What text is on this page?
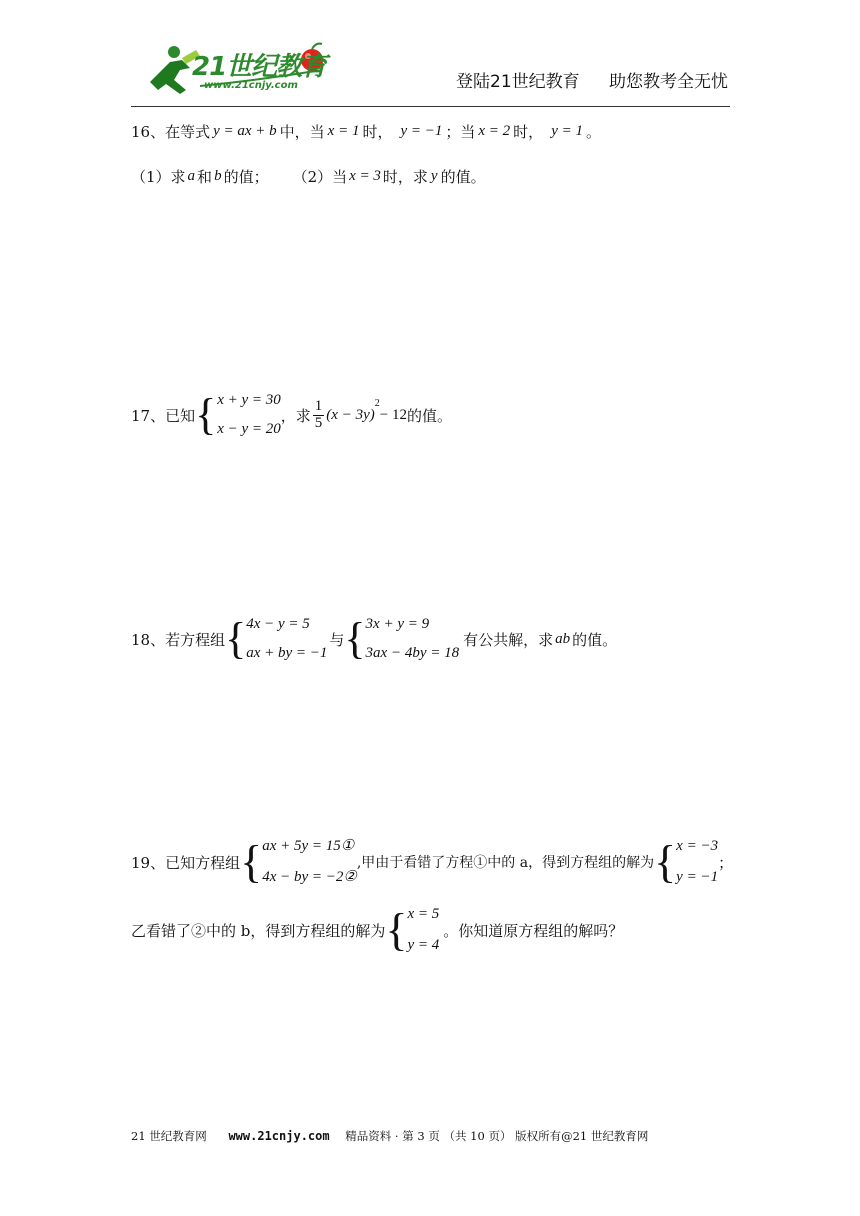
21世纪教育
www.21cnjy.com	登陆21世纪教育 助您教考全无忧
16、在等式 y = ax + b 中，当 x = 1 时， y = −1 ；当 x = 2 时， y = 1 。
（1）求 a 和 b 的值； （2）当 x = 3 时，求 y 的值。
17、已知 { x + y = 30
x − y = 20
，求 $\frac{1}{5} (x - 3y)$
$^2$
− 12 的值。
18、若方程组 { 4x − y = 5
ax + by = −1
与 { 3x + y = 9
3ax − 4by = 18
有公共解，求 ab 的值。
19、已知方程组 { ax + 5y = 15①
4x − by = −2②
,甲由于看错了方程①中的 a，得到方程组的解为 { x = −3
y = −1
；
乙看错了②中的 b，得到方程组的解为 { x = 5
y = 4
。你知道原方程组的解吗？
21 世纪教育网 www.21cnjy.com 精品资料 · 第 3 页 （共 10 页） 版权所有@21 世纪教育网
